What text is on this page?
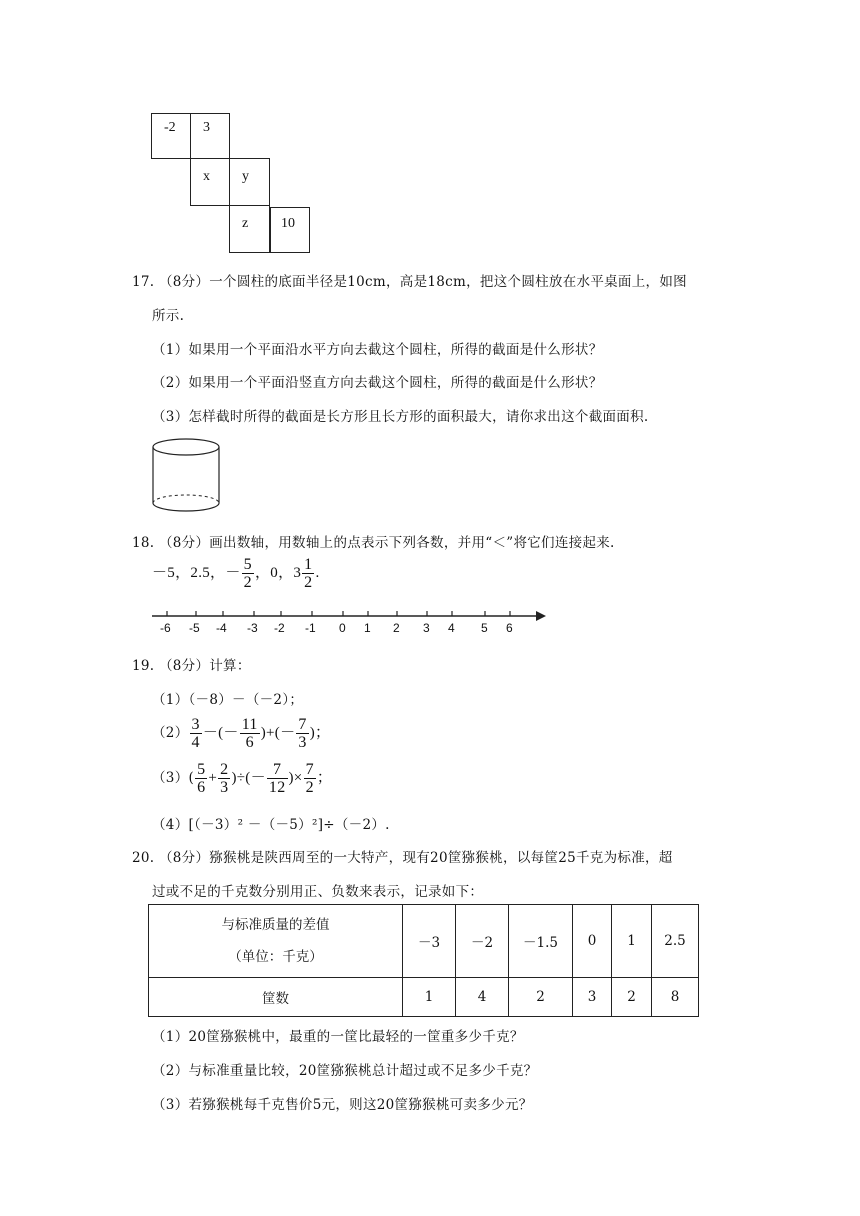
-2	3
x	y
z	10
17. （8分）一个圆柱的底面半径是10cm，高是18cm，把这个圆柱放在水平桌面上，如图
所示.
（1）如果用一个平面沿水平方向去截这个圆柱，所得的截面是什么形状？
（2）如果用一个平面沿竖直方向去截这个圆柱，所得的截面是什么形状？
（3）怎样截时所得的截面是长方形且长方形的面积最大，请你求出这个截面面积.
18. （8分）画出数轴，用数轴上的点表示下列各数，并用“＜”将它们连接起来.
－5，2.5，－ $\frac{5}{2}$ ，0，$3 \frac{1}{2}$ .
-6 -5 -4 -3 -2 -1 0 1 2 3 4 5 6
19. （8分）计算：
（1）（－8）－（－2）；
$(2) \frac{3}{4}$ －(－ $\frac{11}{6}$ )+(－ $\frac{7}{3}$ )；
$(3)( \frac{5}{6} + \frac{2}{3}$ )÷(－ $\frac{7}{12}$ )× $\frac{7}{2}$ ；
（4）[（－3）² －（－5）²]÷（－2）.
20. （8分）猕猴桃是陕西周至的一大特产，现有20筐猕猴桃，以每筐25千克为标准，超
过或不足的千克数分别用正、负数来表示，记录如下：
与标准质量的差值
（单位：千克）	－3	－2	－1.5	0	1	2.5
筐数	1	4	2	3	2	8
（1）20筐猕猴桃中，最重的一筐比最轻的一筐重多少千克？
（2）与标准重量比较，20筐猕猴桃总计超过或不足多少千克？
（3）若猕猴桃每千克售价5元，则这20筐猕猴桃可卖多少元？
